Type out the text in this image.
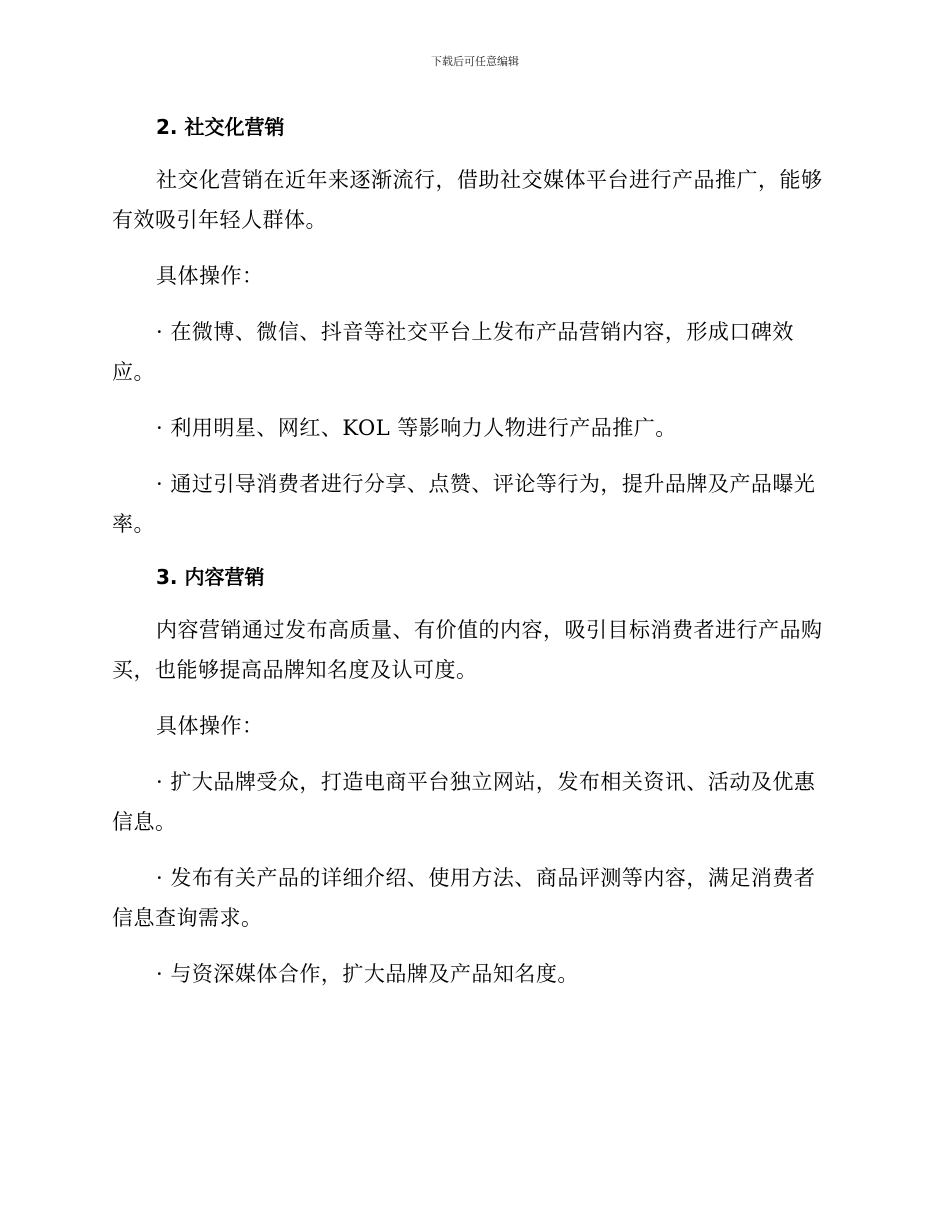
下载后可任意编辑
2. 社交化营销

社交化营销在近年来逐渐流行，借助社交媒体平台进行产品推广，能够有效吸引年轻人群体。

具体操作：

· 在微博、微信、抖音等社交平台上发布产品营销内容，形成口碑效应。

· 利用明星、网红、KOL 等影响力人物进行产品推广。

· 通过引导消费者进行分享、点赞、评论等行为，提升品牌及产品曝光率。

3. 内容营销

内容营销通过发布高质量、有价值的内容，吸引目标消费者进行产品购买，也能够提高品牌知名度及认可度。

具体操作：

· 扩大品牌受众，打造电商平台独立网站，发布相关资讯、活动及优惠信息。

· 发布有关产品的详细介绍、使用方法、商品评测等内容，满足消费者信息查询需求。

· 与资深媒体合作，扩大品牌及产品知名度。
